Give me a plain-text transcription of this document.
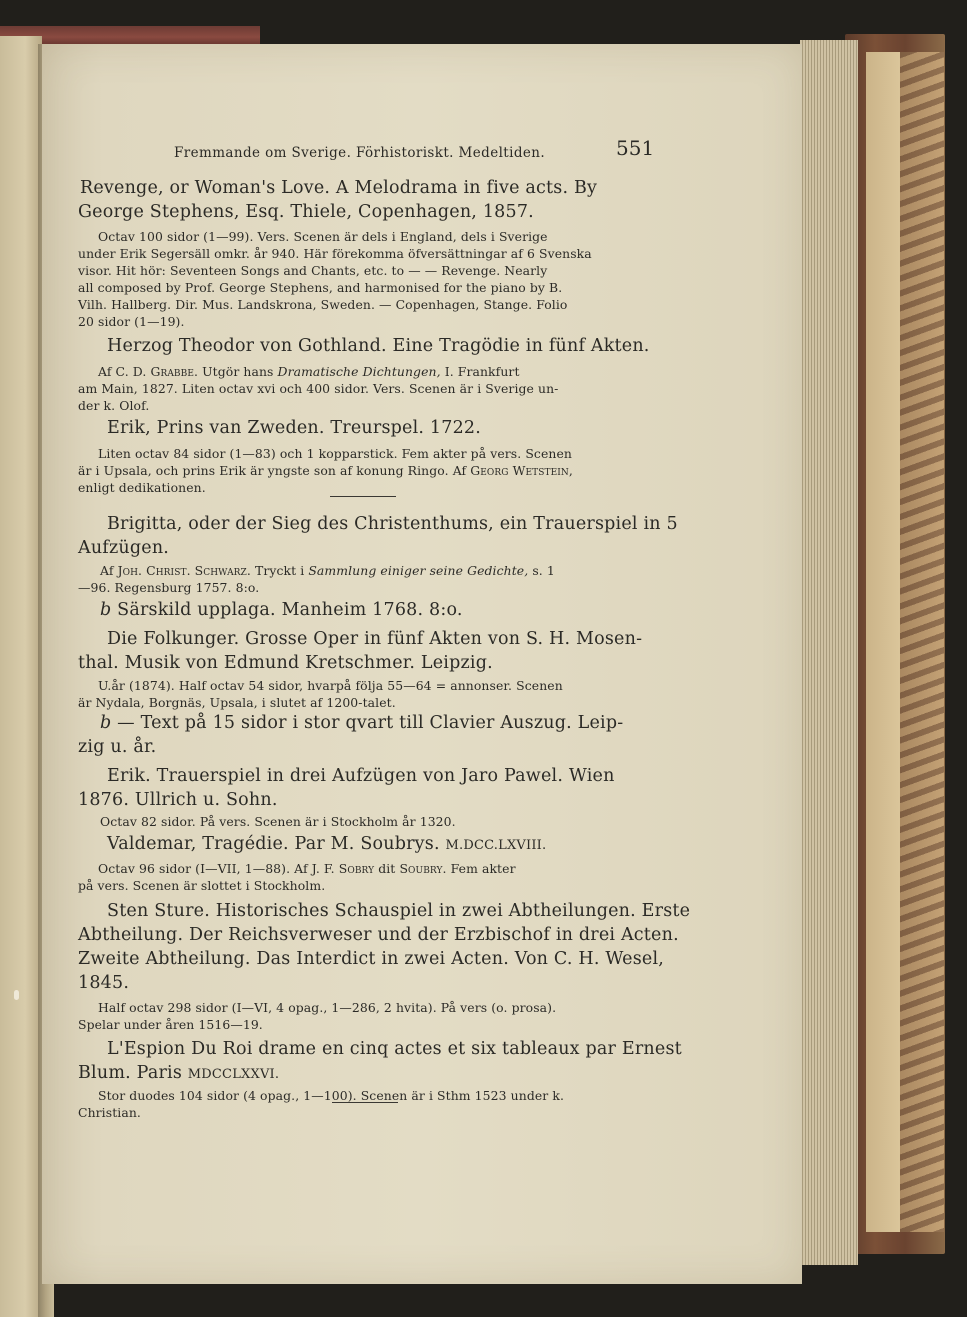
Fremmande om Sverige. Förhistoriskt. Medeltiden.	551
Revenge, or Woman's Love. A Melodrama in five acts. By
George Stephens, Esq. Thiele, Copenhagen, 1857.
Octav 100 sidor (1—99). Vers. Scenen är dels i England, dels i Sverige
under Erik Segersäll omkr. år 940. Här förekomma öfversättningar af 6 Svenska
visor. Hit hör: Seventeen Songs and Chants, etc. to — — Revenge. Nearly
all composed by Prof. George Stephens, and harmonised for the piano by B.
Vilh. Hallberg. Dir. Mus. Landskrona, Sweden. — Copenhagen, Stange. Folio
20 sidor (1—19).
Herzog Theodor von Gothland. Eine Tragödie in fünf Akten.
Af C. D. Grabbe. Utgör hans Dramatische Dichtungen, I. Frankfurt
am Main, 1827. Liten octav xvi och 400 sidor. Vers. Scenen är i Sverige un-
der k. Olof.
Erik, Prins van Zweden. Treurspel. 1722.
Liten octav 84 sidor (1—83) och 1 kopparstick. Fem akter på vers. Scenen
är i Upsala, och prins Erik är yngste son af konung Ringo. Af Georg Wetstein,
enligt dedikationen.
Brigitta, oder der Sieg des Christenthums, ein Trauerspiel in 5
Aufzügen.
Af Joh. Christ. Schwarz. Tryckt i Sammlung einiger seine Gedichte, s. 1
—96. Regensburg 1757. 8:o.
b Särskild upplaga. Manheim 1768. 8:o.
Die Folkunger. Grosse Oper in fünf Akten von S. H. Mosen-
thal. Musik von Edmund Kretschmer. Leipzig.
U.år (1874). Half octav 54 sidor, hvarpå följa 55—64 = annonser. Scenen
är Nydala, Borgnäs, Upsala, i slutet af 1200-talet.
b — Text på 15 sidor i stor qvart till Clavier Auszug. Leip-
zig u. år.
Erik. Trauerspiel in drei Aufzügen von Jaro Pawel. Wien
1876. Ullrich u. Sohn.
Octav 82 sidor. På vers. Scenen är i Stockholm år 1320.
Valdemar, Tragédie. Par M. Soubrys. M.DCC.LXVIII.
Octav 96 sidor (I—VII, 1—88). Af J. F. Sobry dit Soubry. Fem akter
på vers. Scenen är slottet i Stockholm.
Sten Sture. Historisches Schauspiel in zwei Abtheilungen. Erste
Abtheilung. Der Reichsverweser und der Erzbischof in drei Acten.
Zweite Abtheilung. Das Interdict in zwei Acten. Von C. H. Wesel,
1845.
Half octav 298 sidor (I—VI, 4 opag., 1—286, 2 hvita). På vers (o. prosa).
Spelar under åren 1516—19.
L'Espion Du Roi drame en cinq actes et six tableaux par Ernest
Blum. Paris MDCCLXXVI.
Stor duodes 104 sidor (4 opag., 1—100). Scenen är i Sthm 1523 under k.
Christian.
